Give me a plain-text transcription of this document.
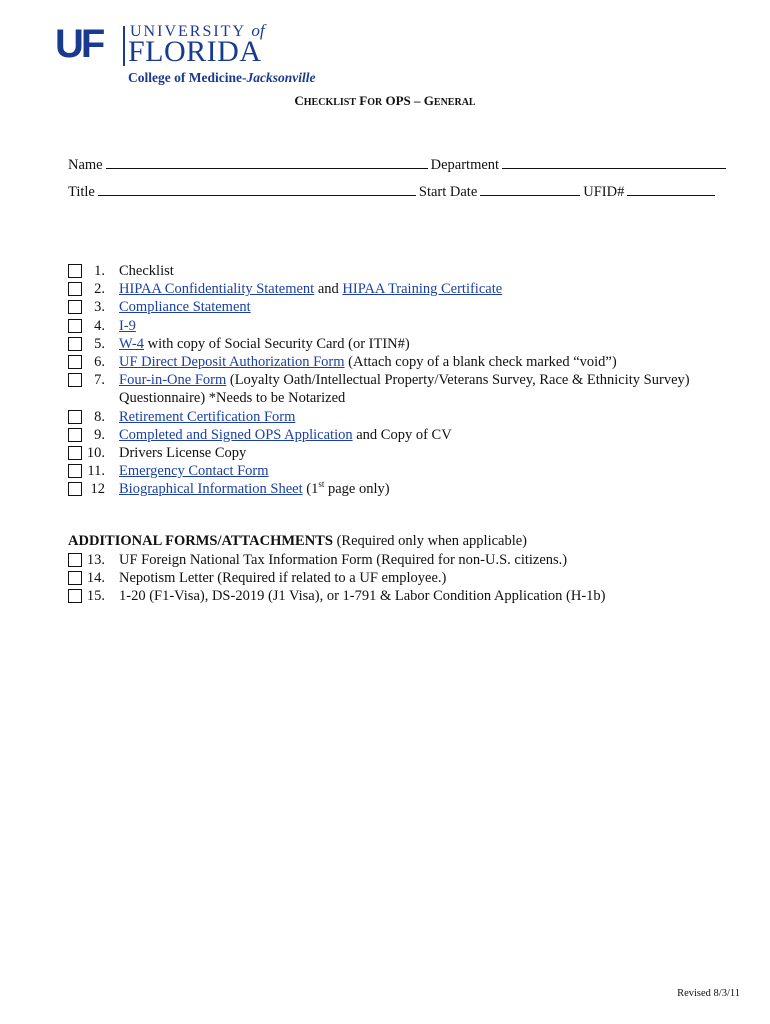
UF UNIVERSITY of
FLORIDA
College of Medicine-Jacksonville
CHECKLIST FOR OPS – GENERAL
Name	Department
Title	Start Date	UFID#
1. Checklist
2. HIPAA Confidentiality Statement and HIPAA Training Certificate
3. Compliance Statement
4. I-9
5. W-4 with copy of Social Security Card (or ITIN#)
6. UF Direct Deposit Authorization Form (Attach copy of a blank check marked “void”)
7. Four-in-One Form (Loyalty Oath/Intellectual Property/Veterans Survey, Race & Ethnicity Survey)
Questionnaire) *Needs to be Notarized
8. Retirement Certification Form
9. Completed and Signed OPS Application and Copy of CV
10. Drivers License Copy
11. Emergency Contact Form
12 Biographical Information Sheet (1st page only)
ADDITIONAL FORMS/ATTACHMENTS (Required only when applicable)
13. UF Foreign National Tax Information Form (Required for non-U.S. citizens.)
14. Nepotism Letter (Required if related to a UF employee.)
15. 1-20 (F1-Visa), DS-2019 (J1 Visa), or 1-791 & Labor Condition Application (H-1b)
Revised 8/3/11
